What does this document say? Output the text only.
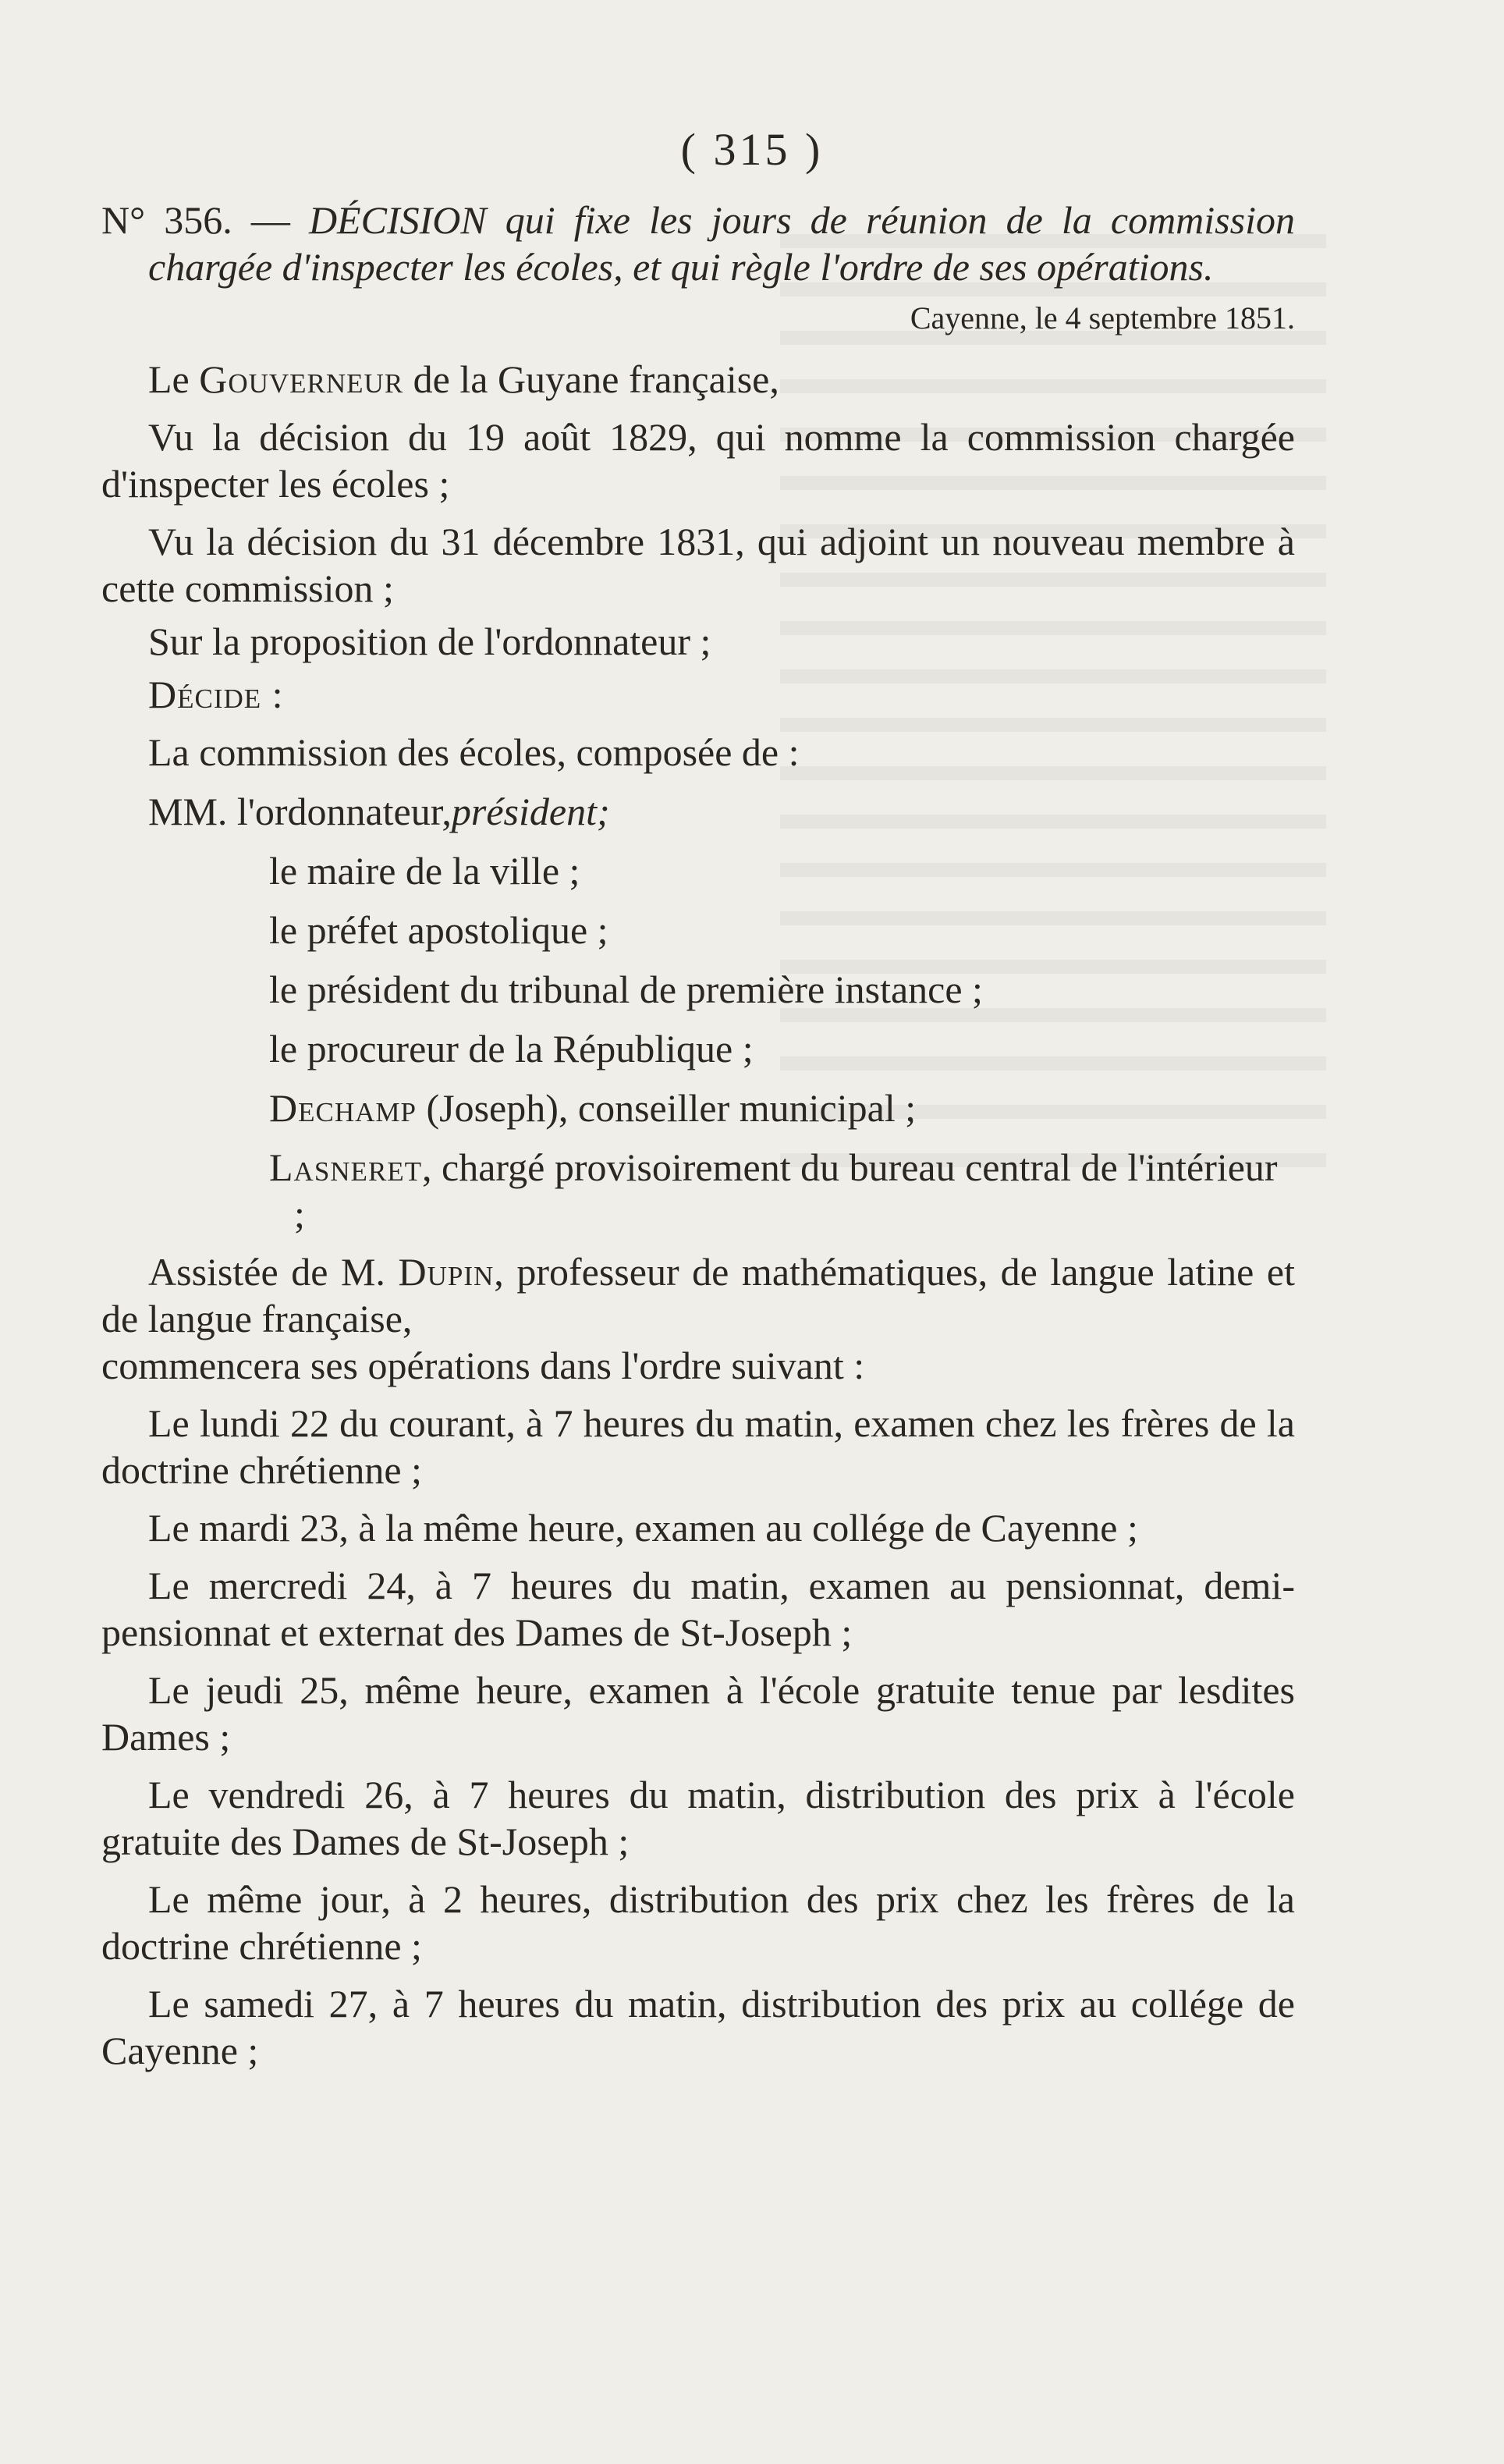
( 315 )

N° 356. — DÉCISION qui fixe les jours de réunion de la commission chargée d'inspecter les écoles, et qui règle l'ordre de ses opérations.

Cayenne, le 4 septembre 1851.

Le Gouverneur de la Guyane française,

Vu la décision du 19 août 1829, qui nomme la commission chargée d'inspecter les écoles ;

Vu la décision du 31 décembre 1831, qui adjoint un nouveau membre à cette commission ;

Sur la proposition de l'ordonnateur ;

Décide :

La commission des écoles, composée de :

MM. l'ordonnateur,président;

le maire de la ville ;

le préfet apostolique ;

le président du tribunal de première instance ;

le procureur de la République ;

Dechamp (Joseph), conseiller municipal ;

Lasneret, chargé provisoirement du bureau central de l'intérieur ;

Assistée de M. Dupin, professeur de mathématiques, de langue latine et de langue française,

commencera ses opérations dans l'ordre suivant :

Le lundi 22 du courant, à 7 heures du matin, examen chez les frères de la doctrine chrétienne ;

Le mardi 23, à la même heure, examen au collége de Cayenne ;

Le mercredi 24, à 7 heures du matin, examen au pensionnat, demi-pensionnat et externat des Dames de St-Joseph ;

Le jeudi 25, même heure, examen à l'école gratuite tenue par lesdites Dames ;

Le vendredi 26, à 7 heures du matin, distribution des prix à l'école gratuite des Dames de St-Joseph ;

Le même jour, à 2 heures, distribution des prix chez les frères de la doctrine chrétienne ;

Le samedi 27, à 7 heures du matin, distribution des prix au collége de Cayenne ;
